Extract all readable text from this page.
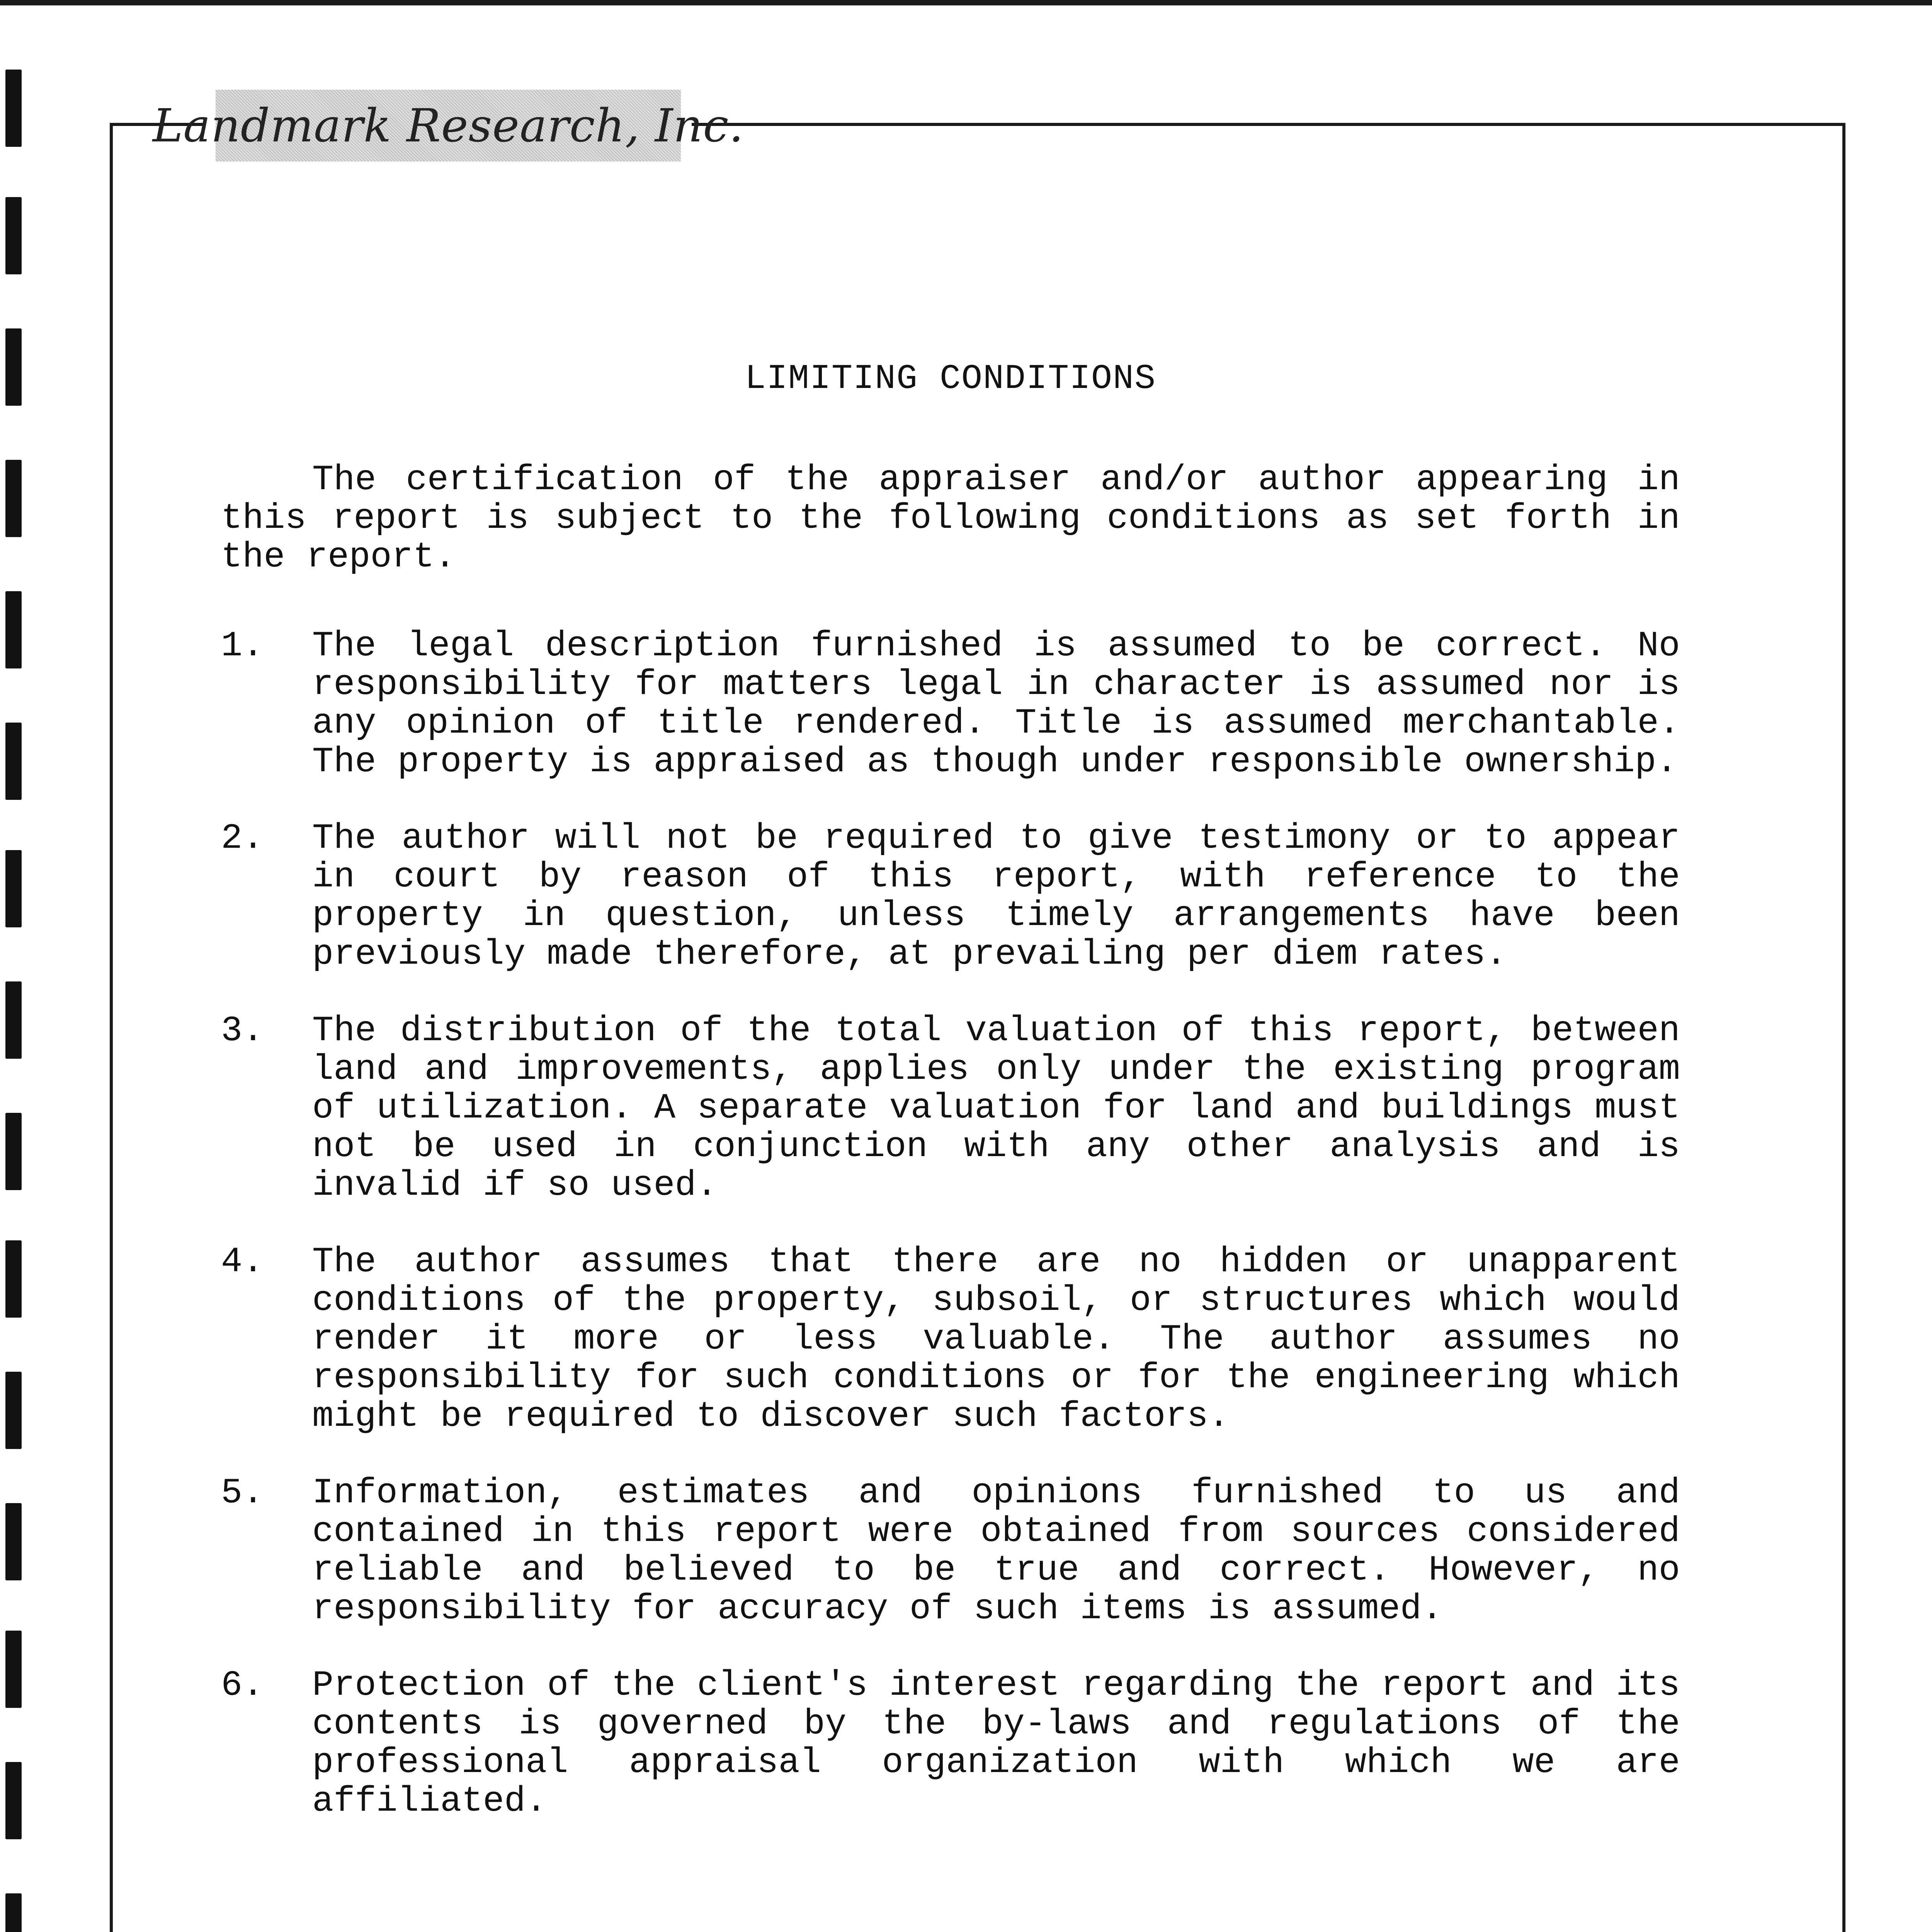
Landmark Research, Inc.
LIMITING CONDITIONS

The certification of the appraiser and/or author appearing in this report is subject to the following conditions as set forth in the report.

1.	The legal description furnished is assumed to be correct. No responsibility for matters legal in character is assumed nor is any opinion of title rendered. Title is assumed merchantable. The property is appraised as though under responsible ownership.
2.	The author will not be required to give testimony or to appear in court by reason of this report, with reference to the property in question, unless timely arrangements have been previously made therefore, at prevailing per diem rates.
3.	The distribution of the total valuation of this report, between land and improvements, applies only under the existing program of utilization. A separate valuation for land and buildings must not be used in conjunction with any other analysis and is invalid if so used.
4.	The author assumes that there are no hidden or unapparent conditions of the property, subsoil, or structures which would render it more or less valuable. The author assumes no responsibility for such conditions or for the engineering which might be required to discover such factors.
5.	Information, estimates and opinions furnished to us and contained in this report were obtained from sources considered reliable and believed to be true and correct. However, no responsibility for accuracy of such items is assumed.
6.	Protection of the client's interest regarding the report and its contents is governed by the by-laws and regulations of the professional appraisal organization with which we are affiliated.
